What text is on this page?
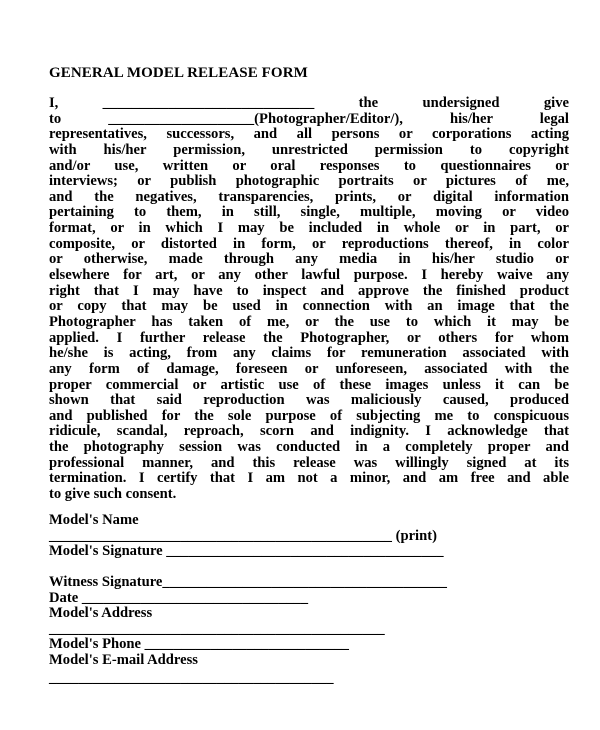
GENERAL MODEL RELEASE FORM
I, _____________________________ the undersigned give
to ____________________(Photographer/Editor/), his/her legal
representatives, successors, and all persons or corporations acting
with his/her permission, unrestricted permission to copyright
and/or use, written or oral responses to questionnaires or
interviews; or publish photographic portraits or pictures of me,
and the negatives, transparencies, prints, or digital information
pertaining to them, in still, single, multiple, moving or video
format, or in which I may be included in whole or in part, or
composite, or distorted in form, or reproductions thereof, in color
or otherwise, made through any media in his/her studio or
elsewhere for art, or any other lawful purpose. I hereby waive any
right that I may have to inspect and approve the finished product
or copy that may be used in connection with an image that the
Photographer has taken of me, or the use to which it may be
applied. I further release the Photographer, or others for whom
he/she is acting, from any claims for remuneration associated with
any form of damage, foreseen or unforeseen, associated with the
proper commercial or artistic use of these images unless it can be
shown that said reproduction was maliciously caused, produced
and published for the sole purpose of subjecting me to conspicuous
ridicule, scandal, reproach, scorn and indignity. I acknowledge that
the photography session was conducted in a completely proper and
professional manner, and this release was willingly signed at its
termination. I certify that I am not a minor, and am free and able
to give such consent.
Model's Name
_______________________________________________ (print)
Model's Signature ______________________________________
Witness Signature_______________________________________
Date _______________________________
Model's Address
______________________________________________
Model's Phone ____________________________
Model's E-mail Address
_______________________________________
